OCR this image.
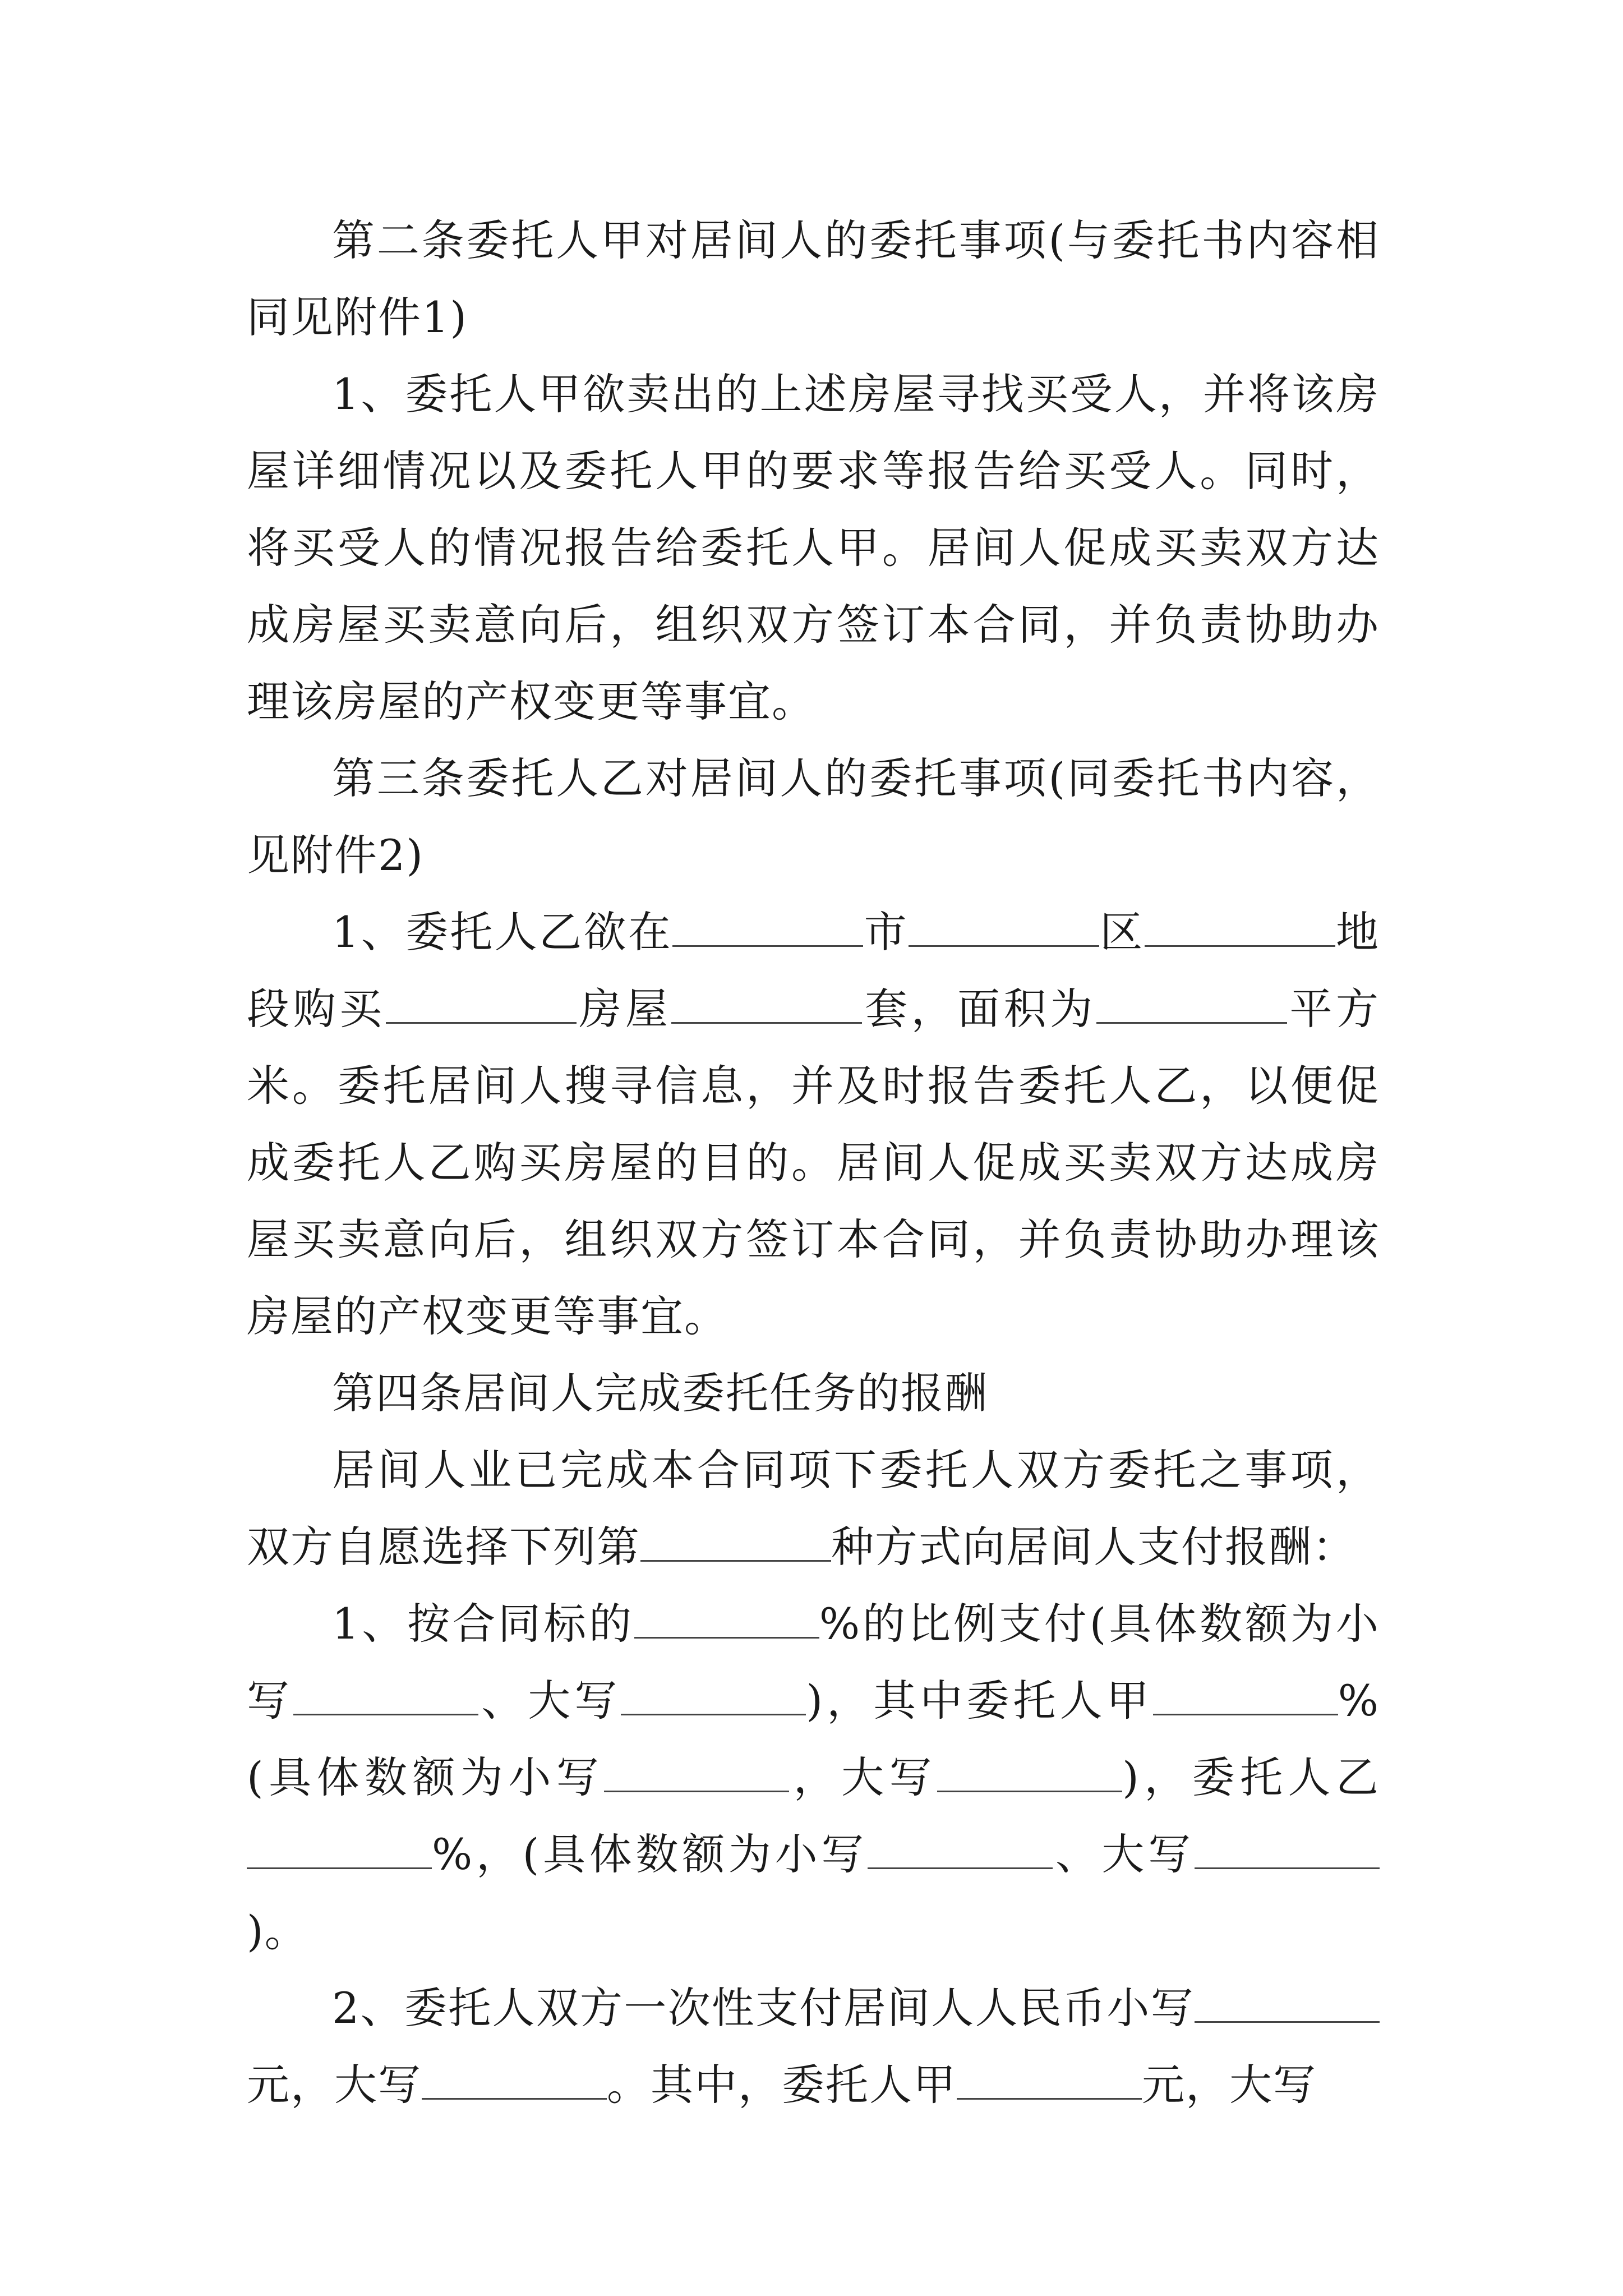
第二条委托人甲对居间人的委托事项(与委托书内容相同见附件1)

1、委托人甲欲卖出的上述房屋寻找买受人，并将该房屋详细情况以及委托人甲的要求等报告给买受人。同时，将买受人的情况报告给委托人甲。居间人促成买卖双方达成房屋买卖意向后，组织双方签订本合同，并负责协助办理该房屋的产权变更等事宜。

第三条委托人乙对居间人的委托事项(同委托书内容，见附件2)

1、委托人乙欲在	市	区	地段购买	房屋	套，面积为	平方米。委托居间人搜寻信息，并及时报告委托人乙，以便促成委托人乙购买房屋的目的。居间人促成买卖双方达成房屋买卖意向后，组织双方签订本合同，并负责协助办理该房屋的产权变更等事宜。

第四条居间人完成委托任务的报酬

居间人业已完成本合同项下委托人双方委托之事项，双方自愿选择下列第	种方式向居间人支付报酬：

1、按合同标的	%的比例支付(具体数额为小写	、大写	)，其中委托人甲	%(具体数额为小写	，大写	)，委托人乙%，(具体数额为小写	、大写)。

2、委托人双方一次性支付居间人人民币小写元，大写	。其中，委托人甲	元，大写
